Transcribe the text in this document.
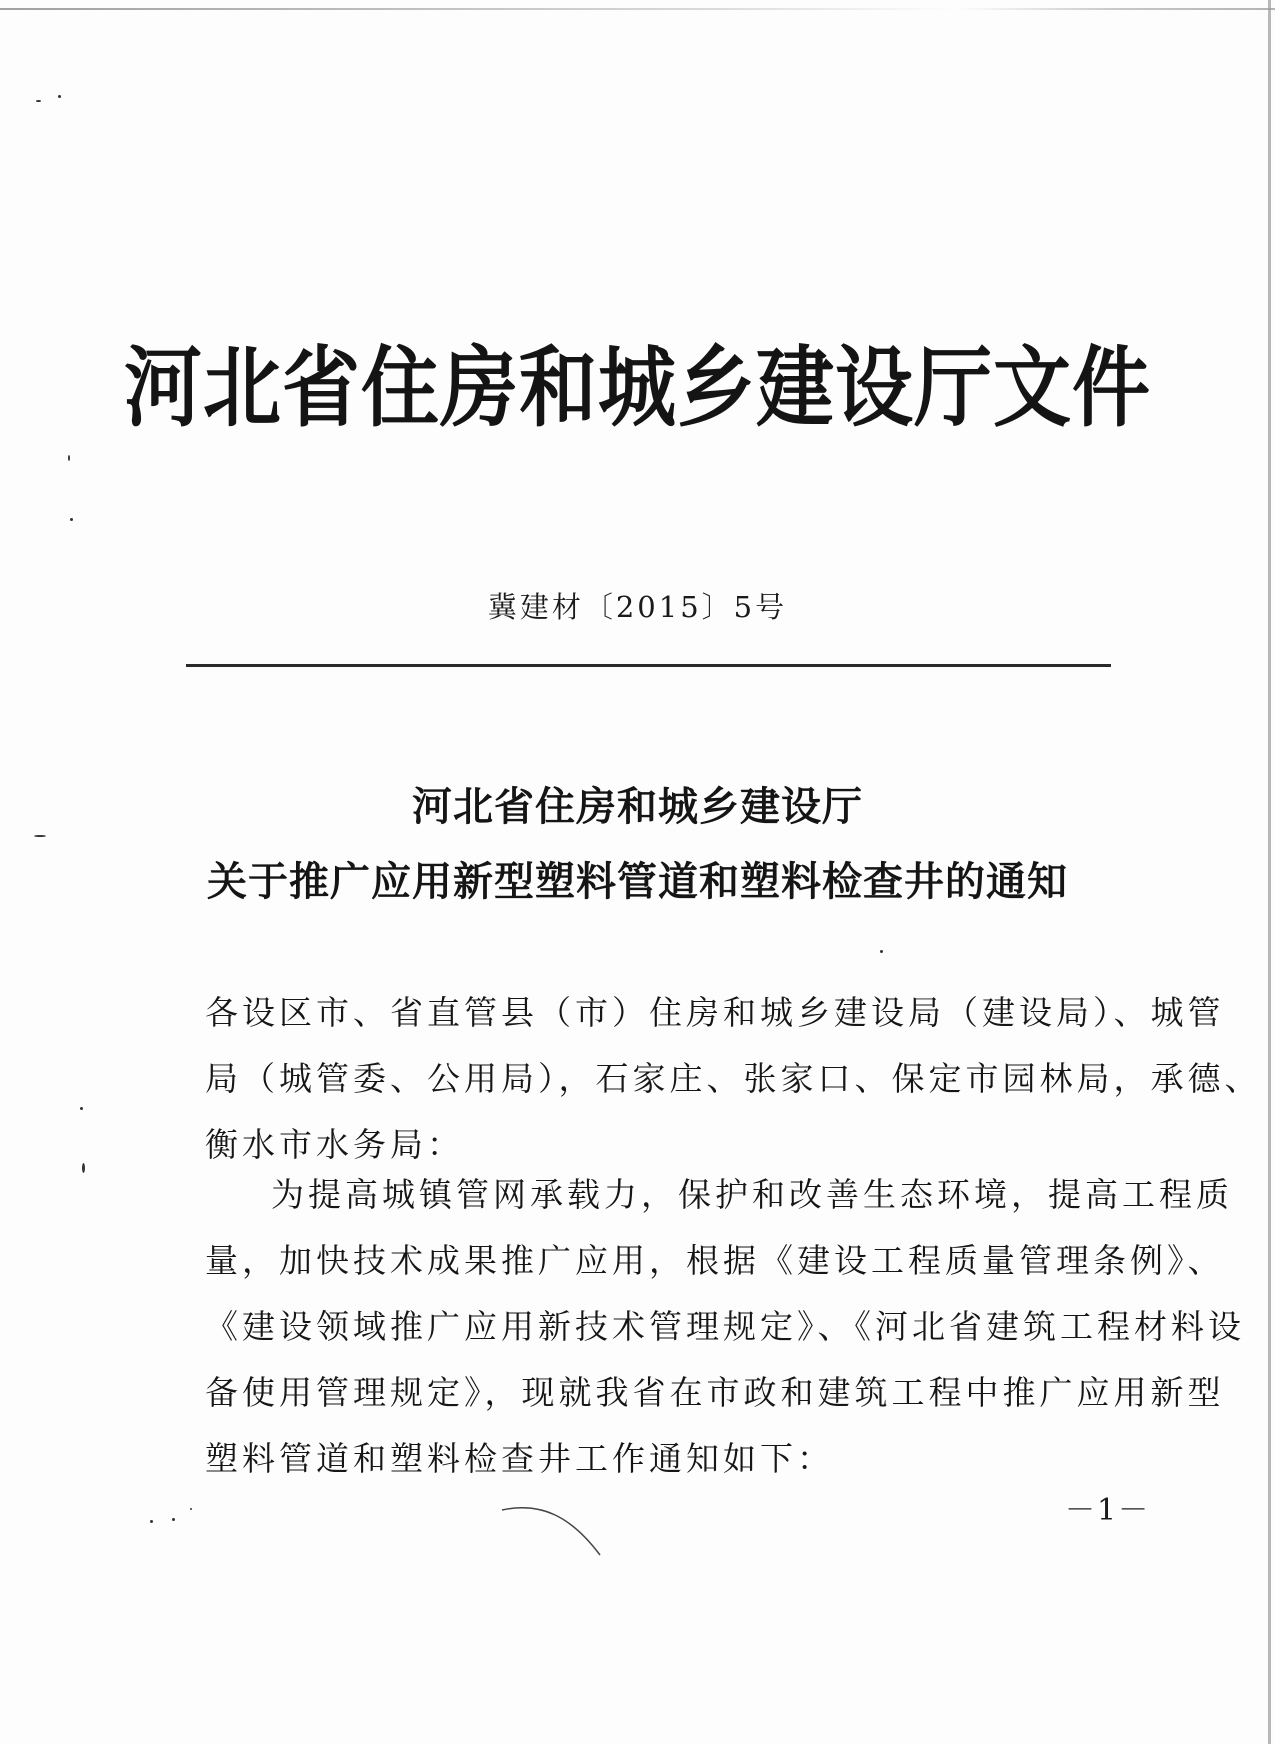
河北省住房和城乡建设厅文件
冀建材〔2015〕5号
河北省住房和城乡建设厅
关于推广应用新型塑料管道和塑料检查井的通知
各设区市、省直管县（市）住房和城乡建设局（建设局）、城管
局（城管委、公用局），石家庄、张家口、保定市园林局，承德、
衡水市水务局：
为提高城镇管网承载力，保护和改善生态环境，提高工程质
量，加快技术成果推广应用，根据《建设工程质量管理条例》、
《建设领域推广应用新技术管理规定》、《河北省建筑工程材料设
备使用管理规定》，现就我省在市政和建筑工程中推广应用新型
塑料管道和塑料检查井工作通知如下：
－1－
